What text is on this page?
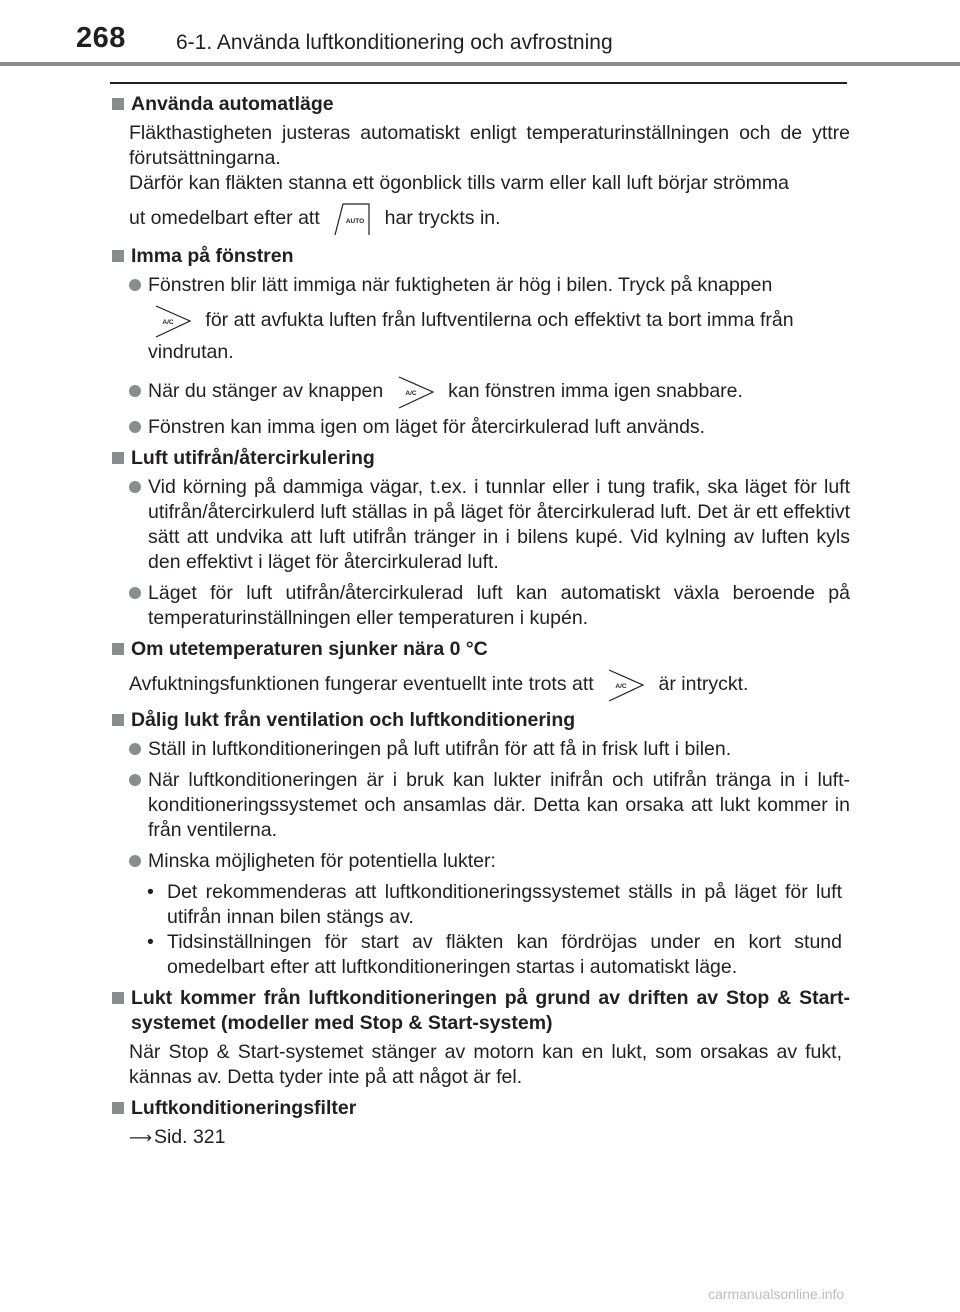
268 6-1. Använda luftkonditionering och avfrostning
Använda automatläge
Fläkthastigheten justeras automatiskt enligt temperaturinställningen och de yttre förutsättningarna.
Därför kan fläkten stanna ett ögonblick tills varm eller kall luft börjar strömma
ut omedelbart efter att	AUTO har tryckts in.
Imma på fönstren
Fönstren blir lätt immiga när fuktigheten är hög i bilen. Tryck på knappen
A/C för att avfukta luften från luftventilerna och effektivt ta bort imma från
vindrutan.
När du stänger av knappen	A/C kan fönstren imma igen snabbare.
Fönstren kan imma igen om läget för återcirkulerad luft används.
Luft utifrån/återcirkulering
Vid körning på dammiga vägar, t.ex. i tunnlar eller i tung trafik, ska läget för luft utifrån/återcirkulerd luft ställas in på läget för återcirkulerad luft. Det är ett effektivt sätt att undvika att luft utifrån tränger in i bilens kupé. Vid kylning av luften kyls den effektivt i läget för återcirkulerad luft.
Läget för luft utifrån/återcirkulerad luft kan automatiskt växla beroende på temperaturinställningen eller temperaturen i kupén.
Om utetemperaturen sjunker nära 0 °C
Avfuktningsfunktionen fungerar eventuellt inte trots att	A/C är intryckt.
Dålig lukt från ventilation och luftkonditionering
Ställ in luftkonditioneringen på luft utifrån för att få in frisk luft i bilen.
När luftkonditioneringen är i bruk kan lukter inifrån och utifrån tränga in i luft-konditioneringssystemet och ansamlas där. Detta kan orsaka att lukt kommer in från ventilerna.
Minska möjligheten för potentiella lukter:
• Det rekommenderas att luftkonditioneringssystemet ställs in på läget för luft utifrån innan bilen stängs av.
• Tidsinställningen för start av fläkten kan fördröjas under en kort stund omedelbart efter att luftkonditioneringen startas i automatiskt läge.
Lukt kommer från luftkonditioneringen på grund av driften av Stop & Start-systemet (modeller med Stop & Start-system)
När Stop & Start-systemet stänger av motorn kan en lukt, som orsakas av fukt, kännas av. Detta tyder inte på att något är fel.
Luftkonditioneringsfilter
⟶ Sid. 321
carmanualsonline.info
